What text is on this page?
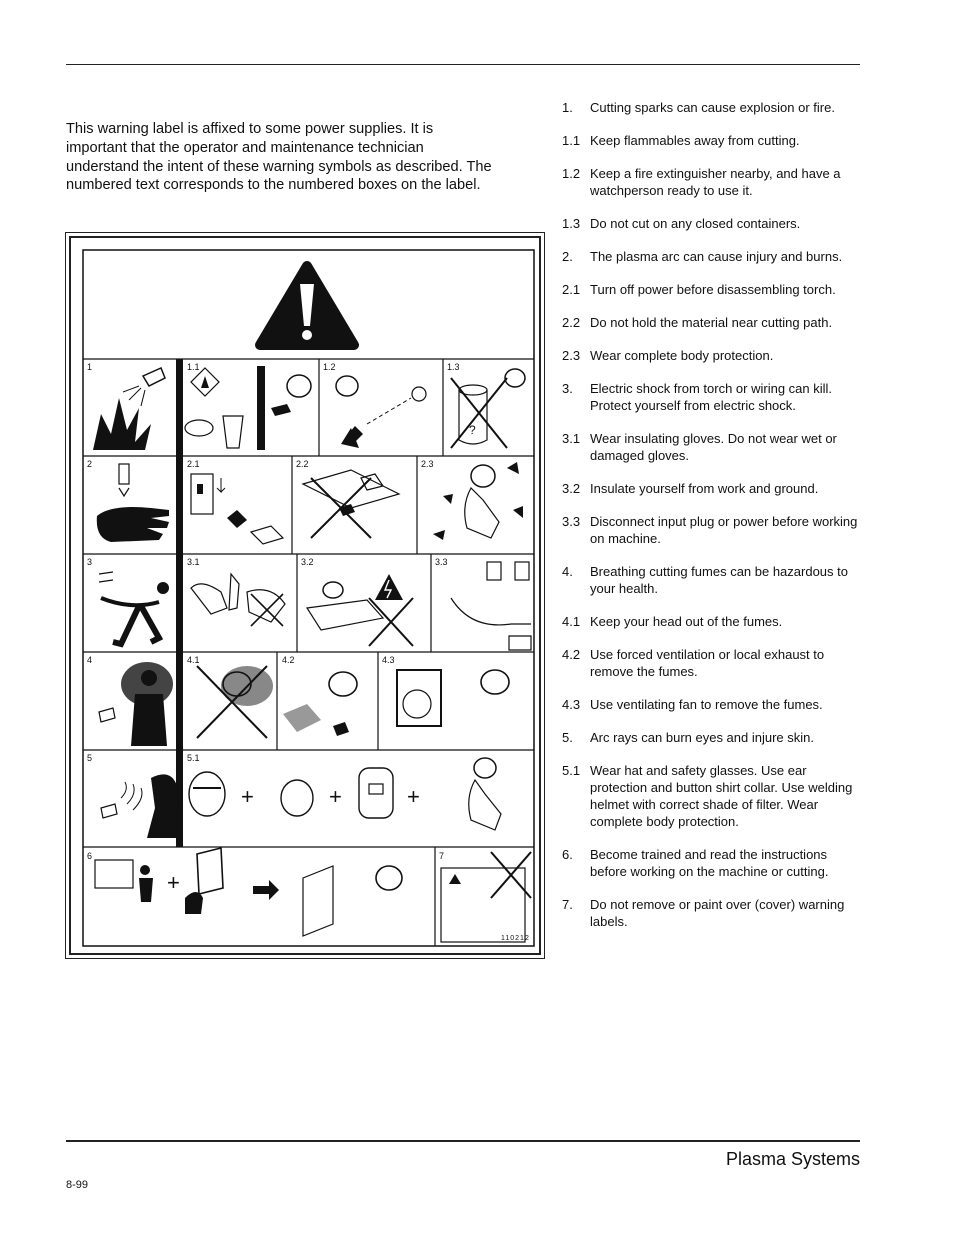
This warning label is affixed to some power supplies. It is important that the operator and maintenance technician understand the intent of these warning symbols as described. The numbered text corresponds to the numbered boxes on the label.

1	1.1	1.2	1.3
2	2.1	2.2	2.3
3	3.1	3.2	3.3
4	4.1	4.2	4.3
5	5.1
6	7
?
+	+	+
+
110212
1.	Cutting sparks can cause explosion or fire.
1.1 Keep flammables away from cutting.
1.2 Keep a fire extinguisher nearby, and have a watchperson ready to use it.
1.3 Do not cut on any closed containers.
2.	The plasma arc can cause injury and burns.
2.1 Turn off power before disassembling torch.
2.2 Do not hold the material near cutting path.
2.3 Wear complete body protection.
3.	Electric shock from torch or wiring can kill. Protect yourself from electric shock.
3.1 Wear insulating gloves. Do not wear wet or damaged gloves.
3.2 Insulate yourself from work and ground.
3.3 Disconnect input plug or power before working on machine.
4.	Breathing cutting fumes can be hazardous to your health.
4.1 Keep your head out of the fumes.
4.2 Use forced ventilation or local exhaust to remove the fumes.
4.3 Use ventilating fan to remove the fumes.
5.	Arc rays can burn eyes and injure skin.
5.1 Wear hat and safety glasses. Use ear protection and button shirt collar. Use welding helmet with correct shade of filter. Wear complete body protection.
6.	Become trained and read the instructions before working on the machine or cutting.
7.	Do not remove or paint over (cover) warning labels.
Plasma Systems
8-99
